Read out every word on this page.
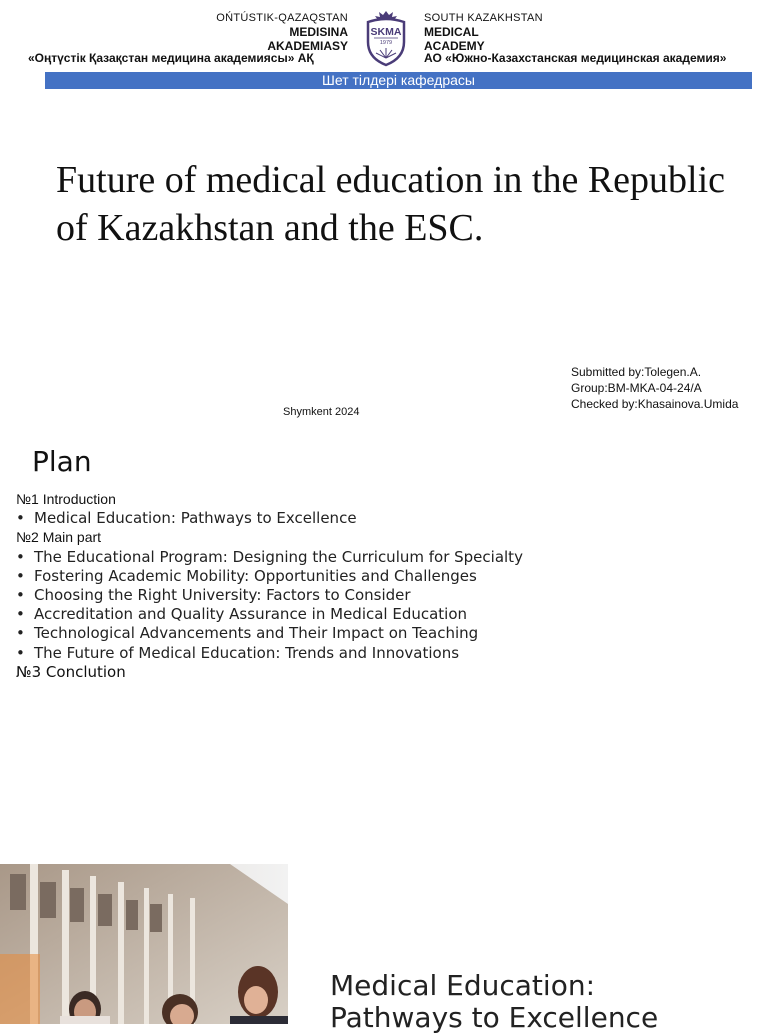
OŃTÚSTIK-QAZAQSTAN
MEDISINA
AKADEMIASY
SKMA
1979
SOUTH KAZAKHSTAN
MEDICAL
ACADEMY
«Оңтүстік Қазақстан медицина академиясы» АҚ	АО «Южно-Казахстанская медицинская академия»
Шет тілдері кафедрасы
Future of medical education in the Republic
of Kazakhstan and the ESC.
Submitted by:Tolegen.A.
Group:BM-MKA-04-24/A
Checked by:Khasainova.Umida
Shymkent 2024
Plan
№1 Introduction
• Medical Education: Pathways to Excellence
№2 Main part
• The Educational Program: Designing the Curriculum for Specialty
• Fostering Academic Mobility: Opportunities and Challenges
• Choosing the Right University: Factors to Consider
• Accreditation and Quality Assurance in Medical Education
• Technological Advancements and Their Impact on Teaching
• The Future of Medical Education: Trends and Innovations
№3 Conclution
Medical Education:
Pathways to Excellence
